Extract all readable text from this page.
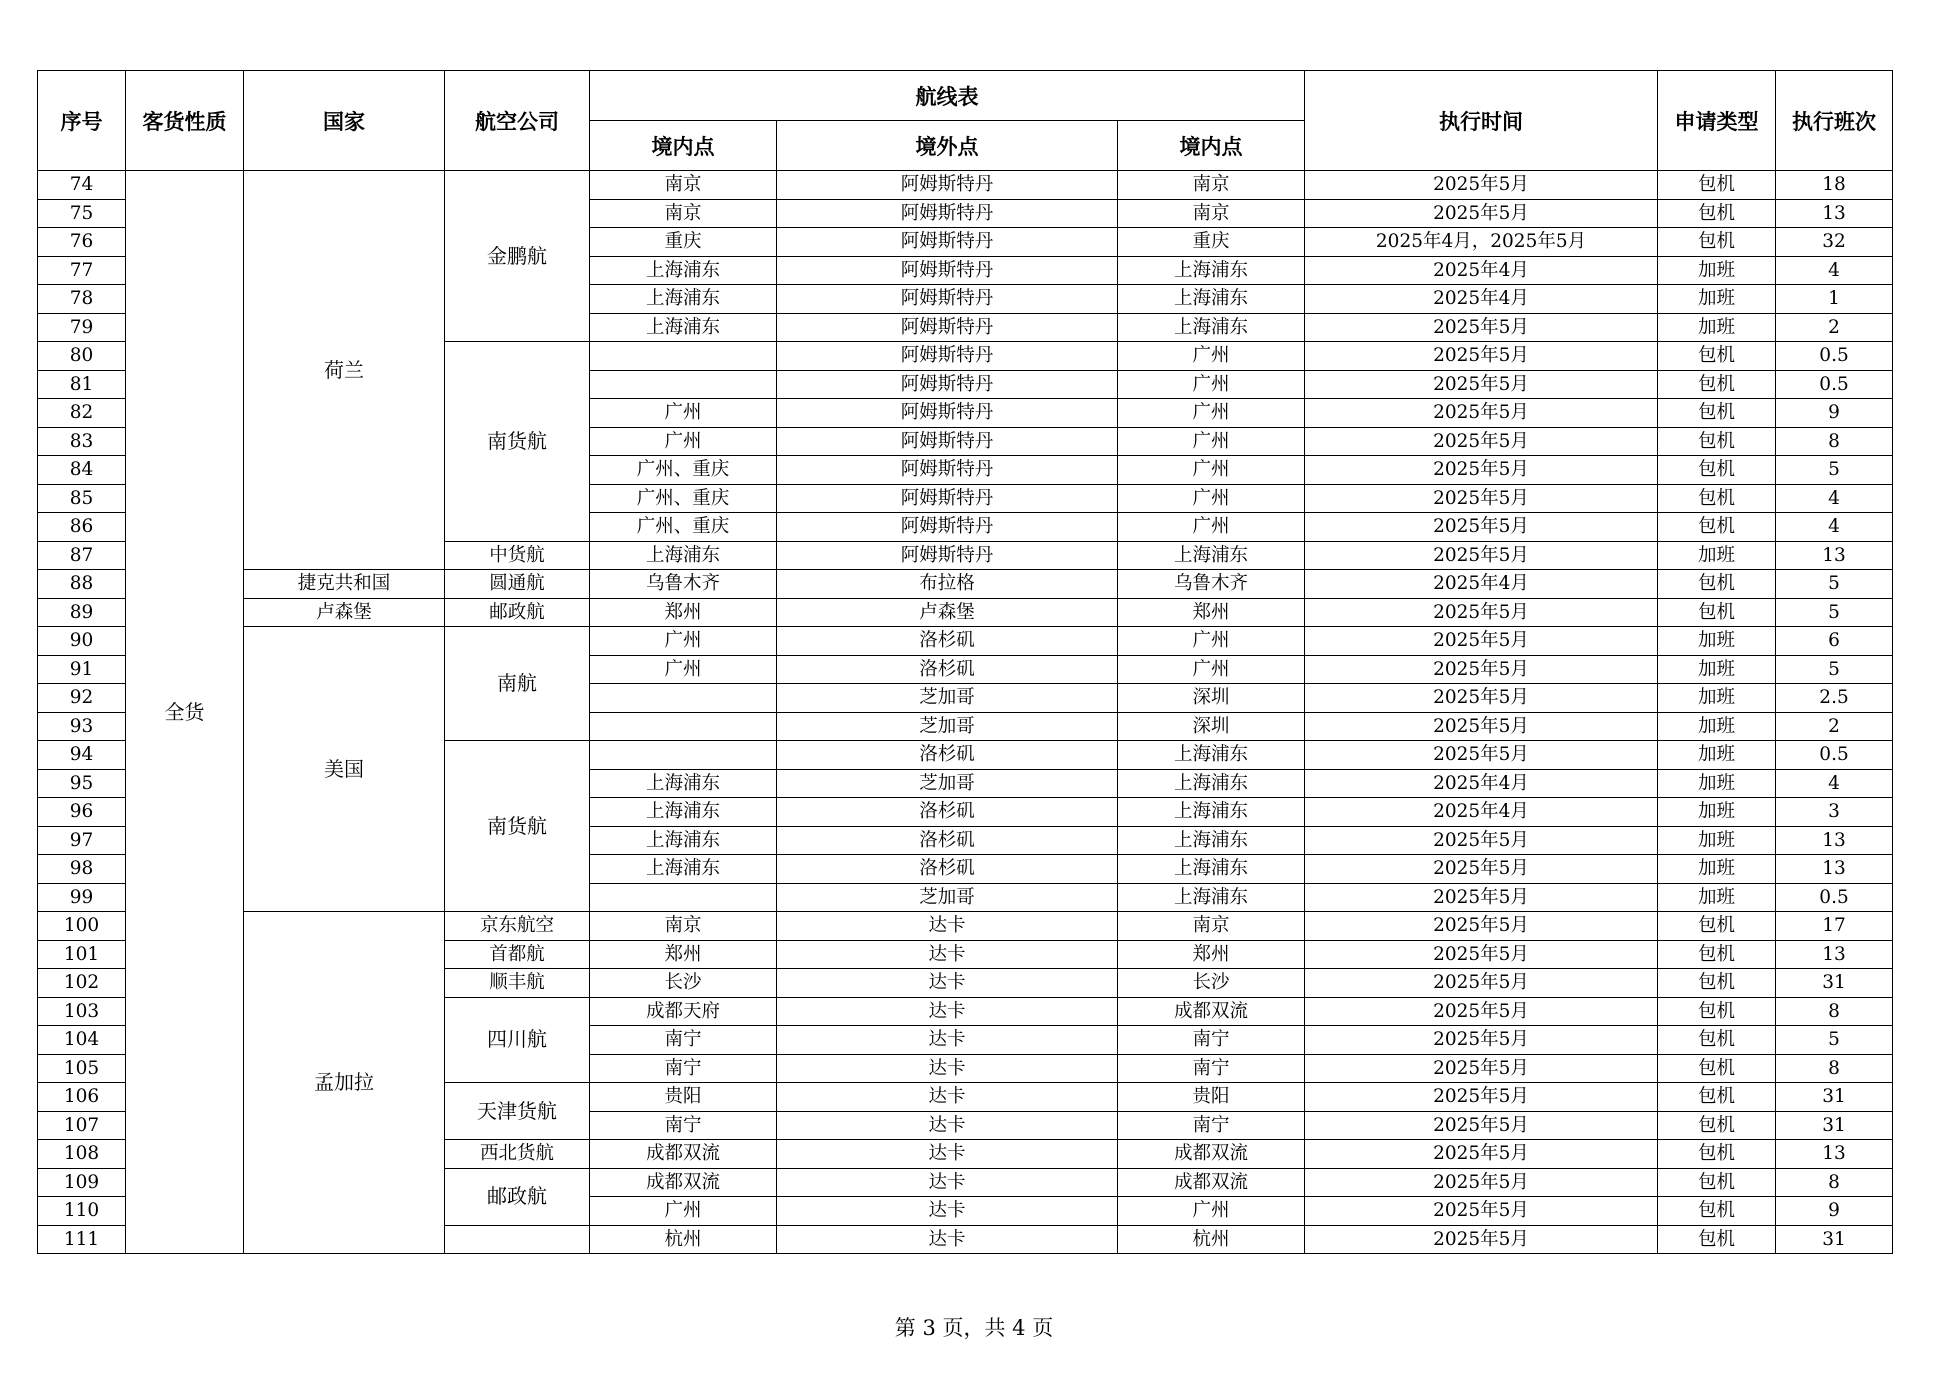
序号	客货性质	国家	航空公司	航线表			执行时间	申请类型	执行班次
				境内点	境外点	境内点			
74	全货	荷兰	金鹏航	南京	阿姆斯特丹	南京	2025年5月	包机	18
75				南京	阿姆斯特丹	南京	2025年5月	包机	13
76				重庆	阿姆斯特丹	重庆	2025年4月，2025年5月	包机	32
77				上海浦东	阿姆斯特丹	上海浦东	2025年4月	加班	4
78				上海浦东	阿姆斯特丹	上海浦东	2025年4月	加班	1
79				上海浦东	阿姆斯特丹	上海浦东	2025年5月	加班	2
80			南货航		阿姆斯特丹	广州	2025年5月	包机	0.5
81					阿姆斯特丹	广州	2025年5月	包机	0.5
82				广州	阿姆斯特丹	广州	2025年5月	包机	9
83				广州	阿姆斯特丹	广州	2025年5月	包机	8
84				广州、重庆	阿姆斯特丹	广州	2025年5月	包机	5
85				广州、重庆	阿姆斯特丹	广州	2025年5月	包机	4
86				广州、重庆	阿姆斯特丹	广州	2025年5月	包机	4
87			中货航	上海浦东	阿姆斯特丹	上海浦东	2025年5月	加班	13
88		捷克共和国	圆通航	乌鲁木齐	布拉格	乌鲁木齐	2025年4月	包机	5
89		卢森堡	邮政航	郑州	卢森堡	郑州	2025年5月	包机	5
90		美国	南航	广州	洛杉矶	广州	2025年5月	加班	6
91				广州	洛杉矶	广州	2025年5月	加班	5
92					芝加哥	深圳	2025年5月	加班	2.5
93					芝加哥	深圳	2025年5月	加班	2
94			南货航		洛杉矶	上海浦东	2025年5月	加班	0.5
95				上海浦东	芝加哥	上海浦东	2025年4月	加班	4
96				上海浦东	洛杉矶	上海浦东	2025年4月	加班	3
97				上海浦东	洛杉矶	上海浦东	2025年5月	加班	13
98				上海浦东	洛杉矶	上海浦东	2025年5月	加班	13
99					芝加哥	上海浦东	2025年5月	加班	0.5
100		孟加拉	京东航空	南京	达卡	南京	2025年5月	包机	17
101			首都航	郑州	达卡	郑州	2025年5月	包机	13
102			顺丰航	长沙	达卡	长沙	2025年5月	包机	31
103			四川航	成都天府	达卡	成都双流	2025年5月	包机	8
104				南宁	达卡	南宁	2025年5月	包机	5
105				南宁	达卡	南宁	2025年5月	包机	8
106			天津货航	贵阳	达卡	贵阳	2025年5月	包机	31
107				南宁	达卡	南宁	2025年5月	包机	31
108			西北货航	成都双流	达卡	成都双流	2025年5月	包机	13
109			邮政航	成都双流	达卡	成都双流	2025年5月	包机	8
110				广州	达卡	广州	2025年5月	包机	9
111				杭州	达卡	杭州	2025年5月	包机	31
第 3 页，共 4 页
